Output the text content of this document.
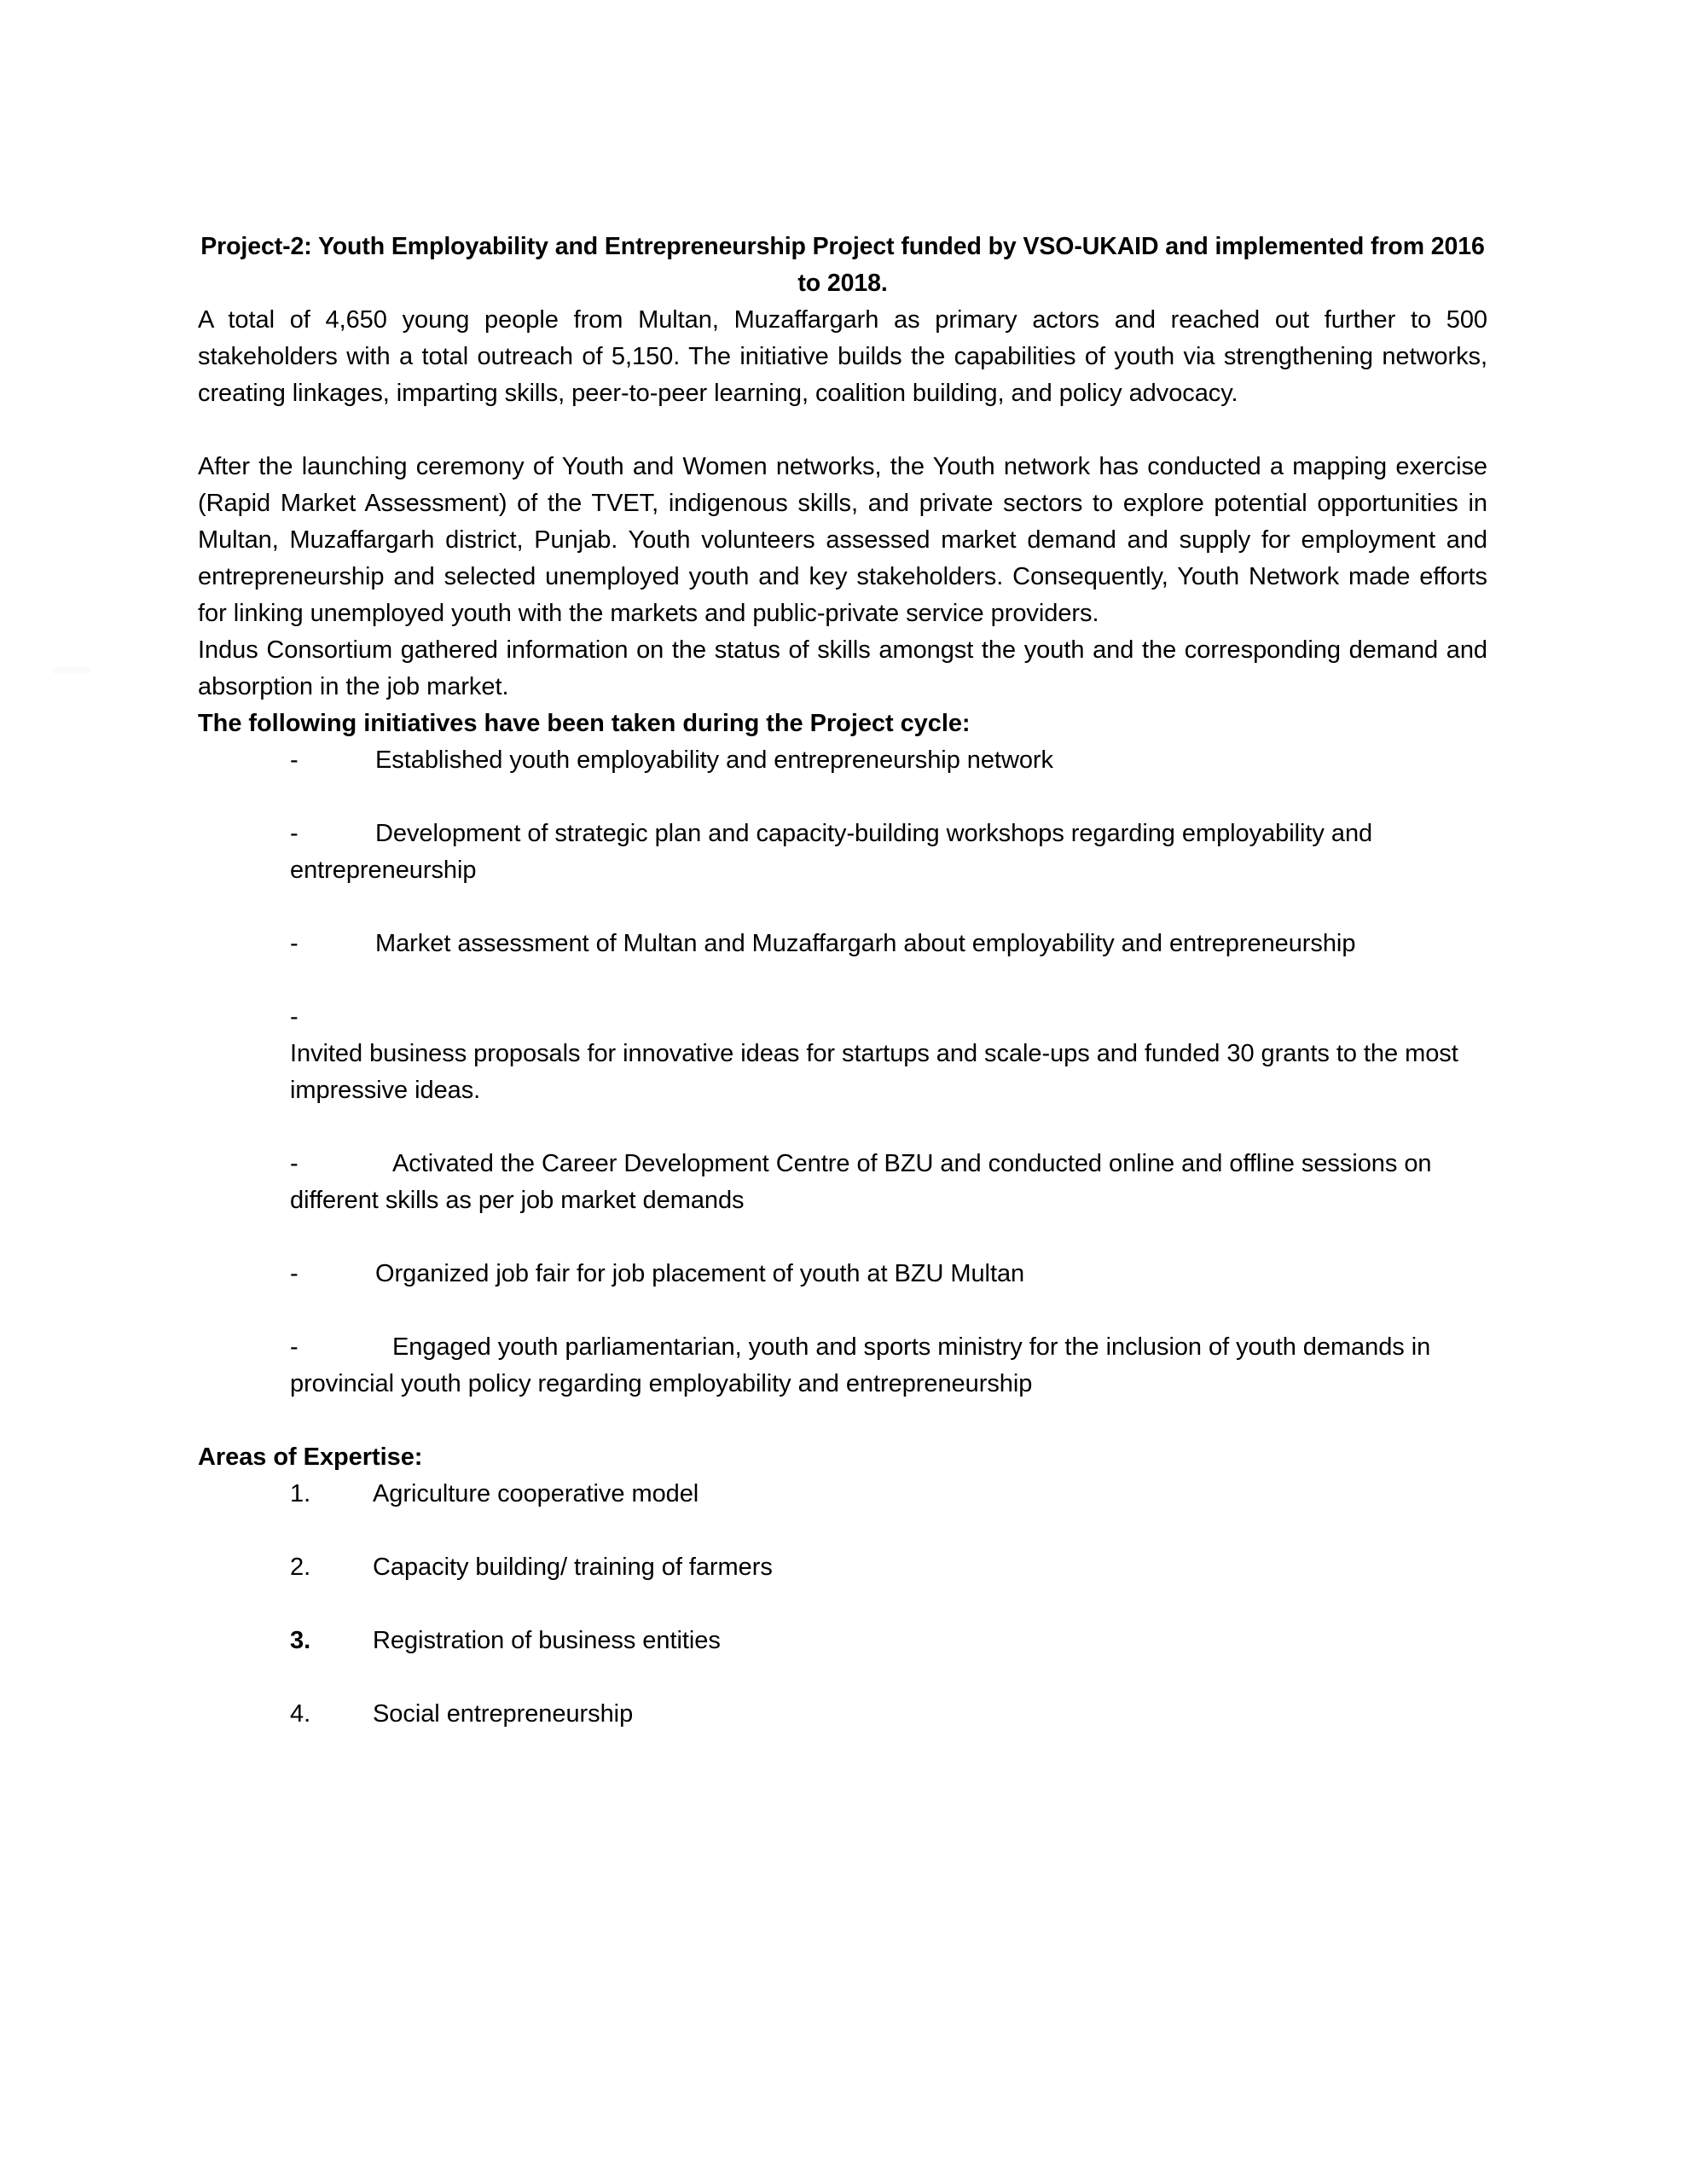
Project-2: Youth Employability and Entrepreneurship Project funded by VSO-UKAID and implemented from 2016 to 2018.

A total of 4,650 young people from Multan, Muzaffargarh as primary actors and reached out further to 500 stakeholders with a total outreach of 5,150. The initiative builds the capabilities of youth via strengthening networks, creating linkages, imparting skills, peer-to-peer learning, coalition building, and policy advocacy.

After the launching ceremony of Youth and Women networks, the Youth network has conducted a mapping exercise (Rapid Market Assessment) of the TVET, indigenous skills, and private sectors to explore potential opportunities in Multan, Muzaffargarh district, Punjab. Youth volunteers assessed market demand and supply for employment and entrepreneurship and selected unemployed youth and key stakeholders. Consequently, Youth Network made efforts for linking unemployed youth with the markets and public-private service providers.

Indus Consortium gathered information on the status of skills amongst the youth and the corresponding demand and absorption in the job market.

The following initiatives have been taken during the Project cycle:

-	Established youth employability and entrepreneurship network
-	Development of strategic plan and capacity-building workshops regarding employability and entrepreneurship
-	Market assessment of Multan and Muzaffargarh about employability and entrepreneurship
-Invited business proposals for innovative ideas for startups and scale-ups and funded 30 grants to the most impressive ideas.
-	Activated the Career Development Centre of BZU and conducted online and offline sessions on different skills as per job market demands
-	Organized job fair for job placement of youth at BZU Multan
-	Engaged youth parliamentarian, youth and sports ministry for the inclusion of youth demands in provincial youth policy regarding employability and entrepreneurship

Areas of Expertise:

1.	Agriculture cooperative model
2.	Capacity building/ training of farmers
3.	Registration of business entities
4.	Social entrepreneurship
